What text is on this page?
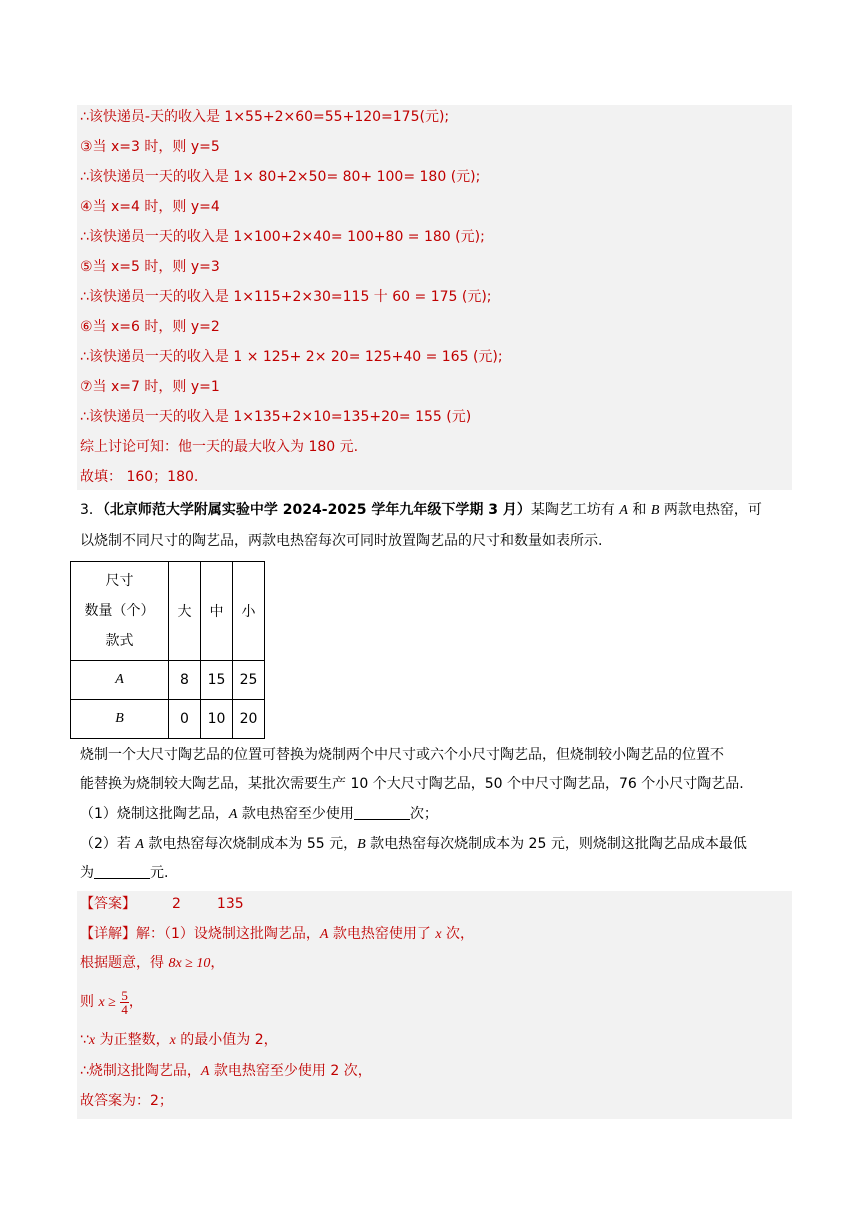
∴该快递员-天的收入是 1×55+2×60=55+120=175(元);
③当 x=3 时，则 y=5
∴该快递员一天的收入是 1× 80+2×50= 80+ 100= 180 (元);
④当 x=4 时，则 y=4
∴该快递员一天的收入是 1×100+2×40= 100+80 = 180 (元);
⑤当 x=5 时，则 y=3
∴该快递员一天的收入是 1×115+2×30=115 十 60 = 175 (元);
⑥当 x=6 时，则 y=2
∴该快递员一天的收入是 1 × 125+ 2× 20= 125+40 = 165 (元);
⑦当 x=7 时，则 y=1
∴该快递员一天的收入是 1×135+2×10=135+20= 155 (元)
综上讨论可知：他一天的最大收入为 180 元.
故填： 160；180.
3．（北京师范大学附属实验中学 2024-2025 学年九年级下学期 3 月）某陶艺工坊有 A 和 B 两款电热窑，可
以烧制不同尺寸的陶艺品，两款电热窑每次可同时放置陶艺品的尺寸和数量如表所示.
尺寸
数量（个）
款式	大	中	小
A	8	15	25
B	0	10	20
烧制一个大尺寸陶艺品的位置可替换为烧制两个中尺寸或六个小尺寸陶艺品，但烧制较小陶艺品的位置不
能替换为烧制较大陶艺品，某批次需要生产 10 个大尺寸陶艺品，50 个中尺寸陶艺品，76 个小尺寸陶艺品.
（1）烧制这批陶艺品，A 款电热窑至少使用	次；
（2）若 A 款电热窑每次烧制成本为 55 元，B 款电热窑每次烧制成本为 25 元，则烧制这批陶艺品成本最低
为	元.
【答案】	2	135
【详解】解：（1）设烧制这批陶艺品，A 款电热窑使用了 x 次，
根据题意，得 8x ≥ 10，
则 $x \ge \frac{5}{4}$ ，
∵x 为正整数，x 的最小值为 2，
∴烧制这批陶艺品，A 款电热窑至少使用 2 次，
故答案为：2；
